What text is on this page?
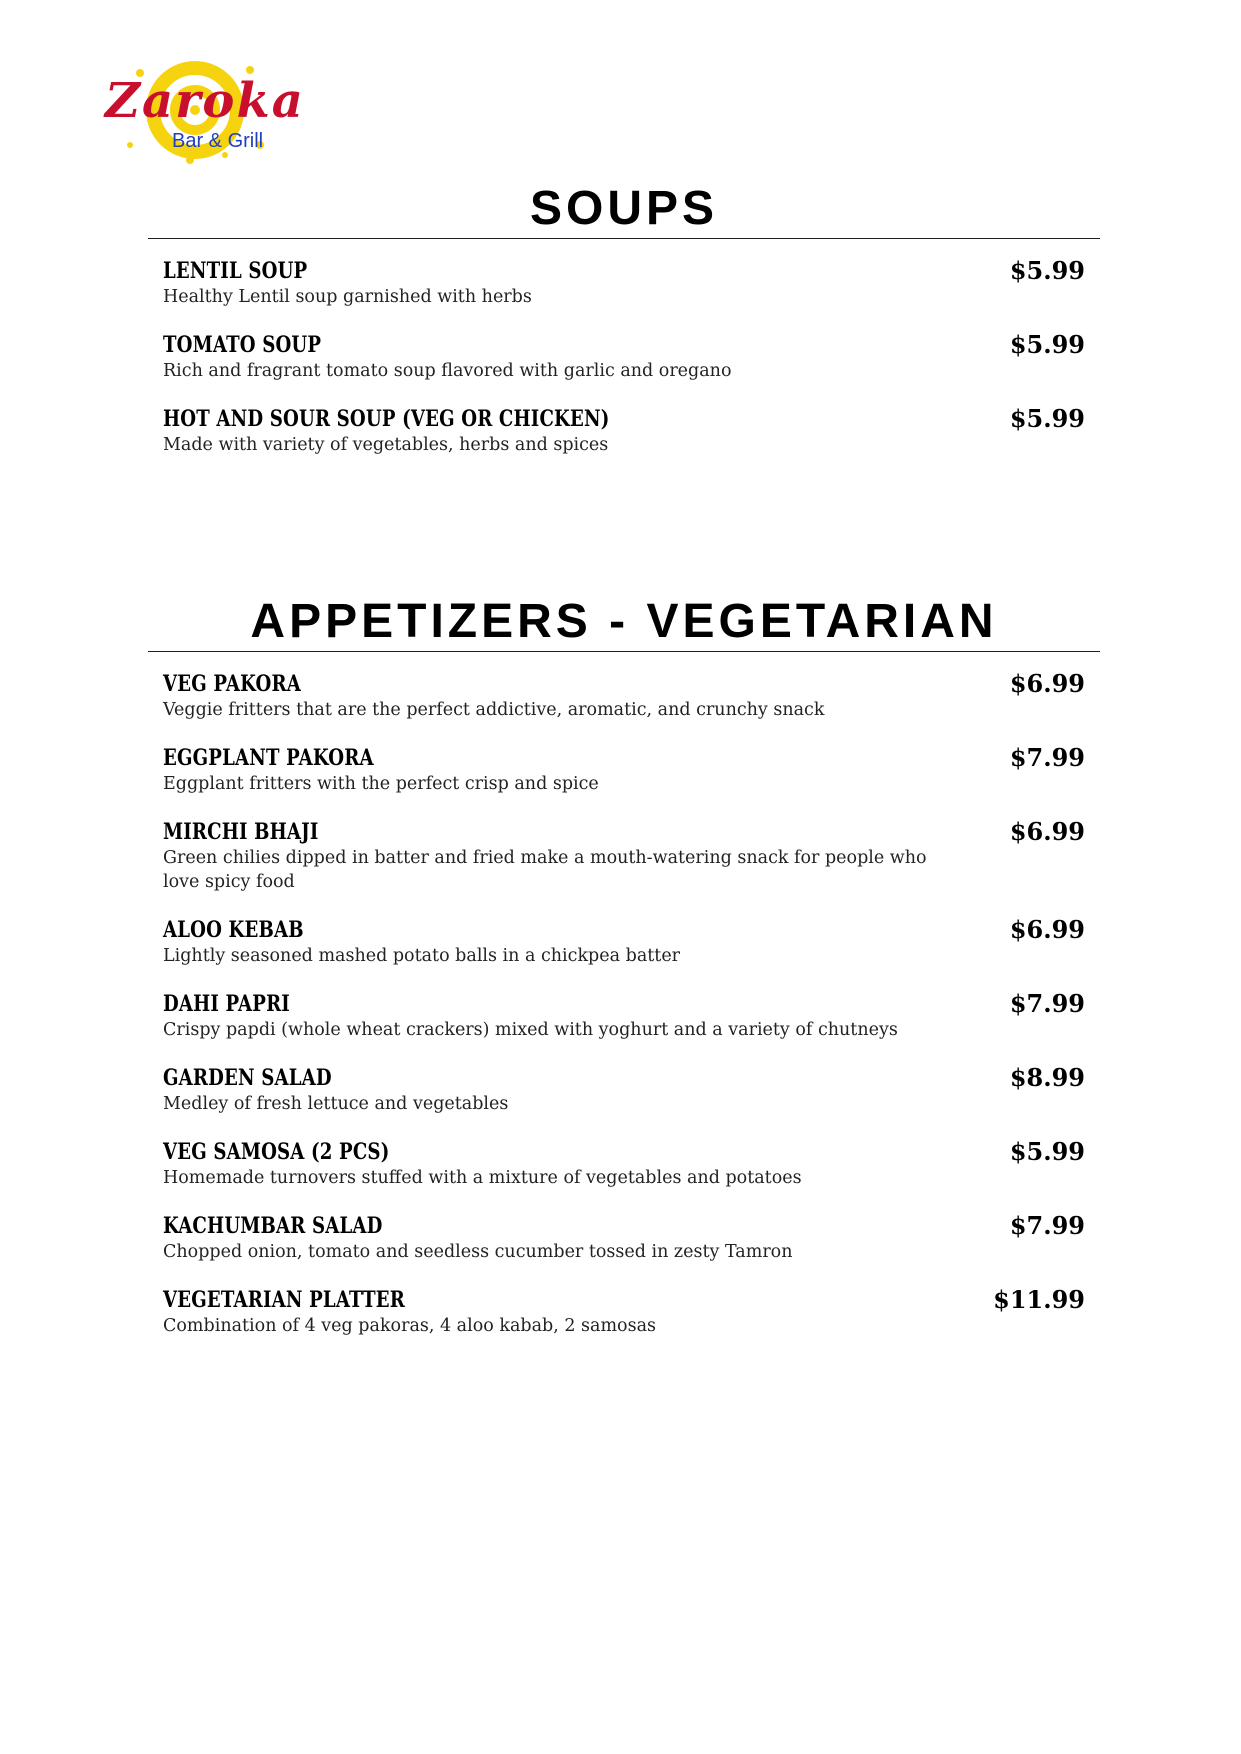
Zaroka
Bar & Grill
SOUPS
LENTIL SOUP
Healthy Lentil soup garnished with herbs
$5.99
TOMATO SOUP
Rich and fragrant tomato soup flavored with garlic and oregano
$5.99
HOT AND SOUR SOUP (VEG OR CHICKEN)
Made with variety of vegetables, herbs and spices
$5.99
APPETIZERS - VEGETARIAN
VEG PAKORA
Veggie fritters that are the perfect addictive, aromatic, and crunchy snack
$6.99
EGGPLANT PAKORA
Eggplant fritters with the perfect crisp and spice
$7.99
MIRCHI BHAJI
Green chilies dipped in batter and fried make a mouth-watering snack for people who love spicy food
$6.99
ALOO KEBAB
Lightly seasoned mashed potato balls in a chickpea batter
$6.99
DAHI PAPRI
Crispy papdi (whole wheat crackers) mixed with yoghurt and a variety of chutneys
$7.99
GARDEN SALAD
Medley of fresh lettuce and vegetables
$8.99
VEG SAMOSA (2 PCS)
Homemade turnovers stuffed with a mixture of vegetables and potatoes
$5.99
KACHUMBAR SALAD
Chopped onion, tomato and seedless cucumber tossed in zesty Tamron
$7.99
VEGETARIAN PLATTER
Combination of 4 veg pakoras, 4 aloo kabab, 2 samosas
$11.99
